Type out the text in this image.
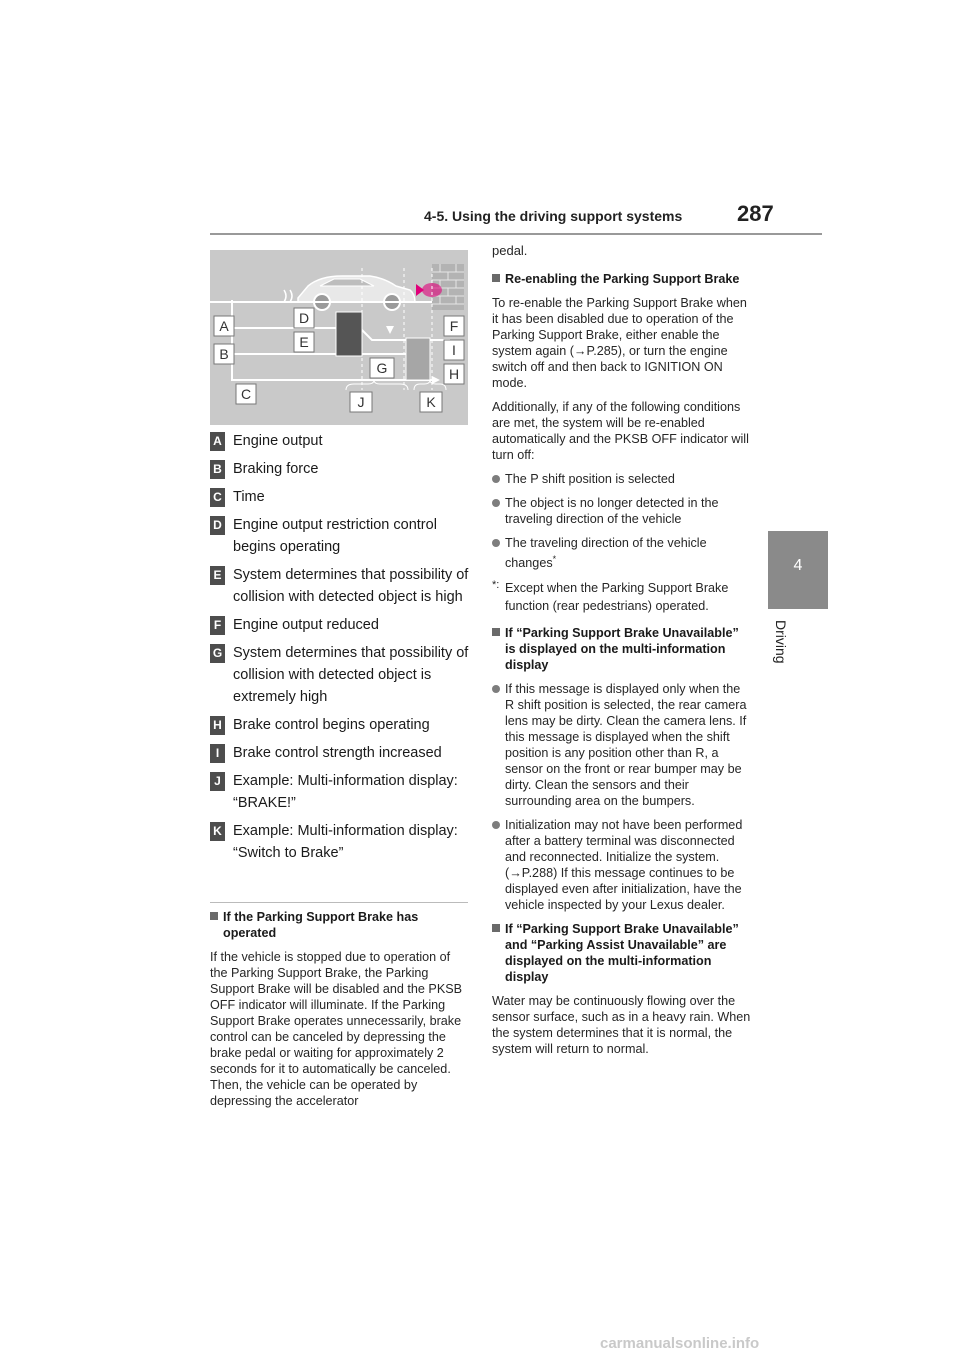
4-5. Using the driving support systems 287
4
Driving
A
B
C
D
E
F
G	H
I
J	K
A Engine output
B Braking force
C Time
D Engine output restriction control begins operating
E System determines that possibility of collision with detected object is high
F Engine output reduced
G System determines that possibility of collision with detected object is extremely high
H Brake control begins operating
I Brake control strength increased
J Example: Multi-information display: “BRAKE!”
K Example: Multi-information display: “Switch to Brake”
If the Parking Support Brake has operated
If the vehicle is stopped due to operation of the Parking Support Brake, the Parking Support Brake will be disabled and the PKSB OFF indicator will illuminate. If the Parking Support Brake operates unnecessarily, brake control can be canceled by depressing the brake pedal or waiting for approximately 2 seconds for it to automatically be canceled. Then, the vehicle can be operated by depressing the accelerator
pedal.
Re-enabling the Parking Support Brake
To re-enable the Parking Support Brake when it has been disabled due to operation of the Parking Support Brake, either enable the system again (→P.285), or turn the engine switch off and then back to IGNITION ON mode.
Additionally, if any of the following conditions are met, the system will be re-enabled automatically and the PKSB OFF indicator will turn off:
The P shift position is selected
The object is no longer detected in the traveling direction of the vehicle
The traveling direction of the vehicle changes*
*: Except when the Parking Support Brake function (rear pedestrians) operated.
If “Parking Support Brake Unavailable” is displayed on the multi-information display
If this message is displayed only when the R shift position is selected, the rear camera lens may be dirty. Clean the camera lens. If this message is displayed when the shift position is any position other than R, a sensor on the front or rear bumper may be dirty. Clean the sensors and their surrounding area on the bumpers.
Initialization may not have been performed after a battery terminal was disconnected and reconnected. Initialize the system. (→P.288) If this message continues to be displayed even after initialization, have the vehicle inspected by your Lexus dealer.
If “Parking Support Brake Unavailable” and “Parking Assist Unavailable” are displayed on the multi-information display
Water may be continuously flowing over the sensor surface, such as in a heavy rain. When the system determines that it is normal, the system will return to normal.
carmanualsonline.info
